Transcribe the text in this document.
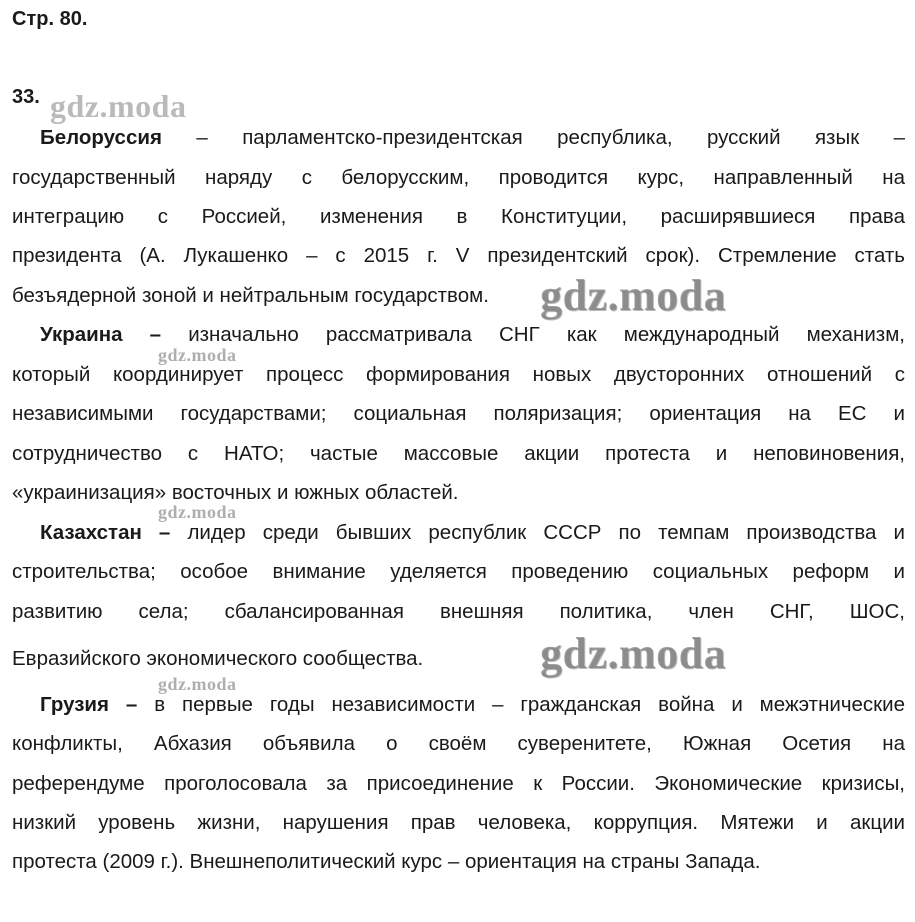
Стр. 80.
33.
Белоруссия – парламентско-президентская республика, русский язык –
государственный наряду с белорусским, проводится курс, направленный на
интеграцию с Россией, изменения в Конституции, расширявшиеся права
президента (А. Лукашенко – с 2015 г. V президентский срок). Стремление стать
безъядерной зоной и нейтральным государством.
Украина – изначально рассматривала СНГ как международный механизм,
который координирует процесс формирования новых двусторонних отношений с
независимыми государствами; социальная поляризация; ориентация на ЕС и
сотрудничество с НАТО; частые массовые акции протеста и неповиновения,
«украинизация» восточных и южных областей.
Казахстан – лидер среди бывших республик СССР по темпам производства и
строительства; особое внимание уделяется проведению социальных реформ и
развитию села; сбалансированная внешняя политика, член СНГ, ШОС,
Евразийского экономического сообщества.
Грузия – в первые годы независимости – гражданская война и межэтнические
конфликты, Абхазия объявила о своём суверенитете, Южная Осетия на
референдуме проголосовала за присоединение к России. Экономические кризисы,
низкий уровень жизни, нарушения прав человека, коррупция. Мятежи и акции
протеста (2009 г.). Внешнеполитический курс – ориентация на страны Запада.
gdz.moda
gdz.moda
gdz.moda
gdz.moda
gdz.moda
gdz.moda
